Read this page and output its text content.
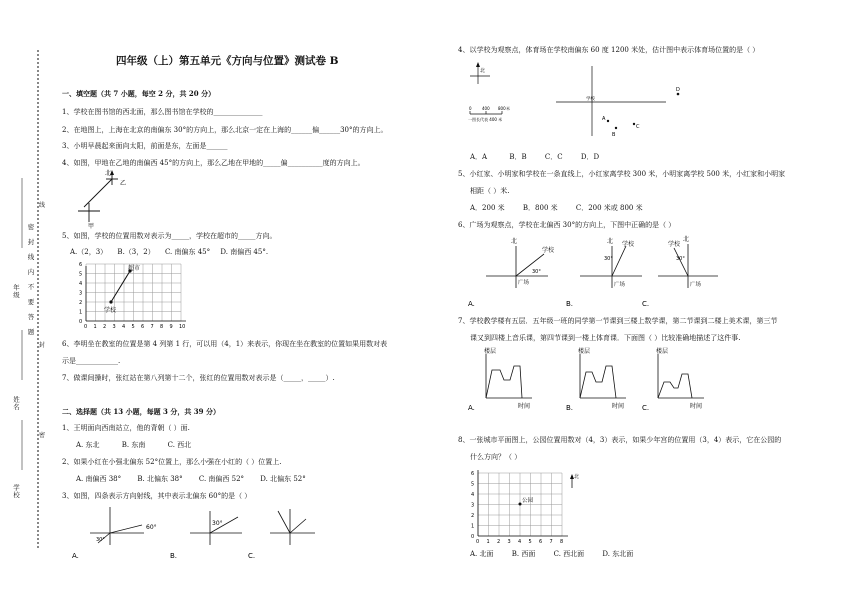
学校
姓名
年级
密
封
线
内
不
要
答
题
线
封
密
四年级（上）第五单元《方向与位置》测试卷 B
一、填空题（共 7 小题，每空 2 分，共 20 分）
1、学校在图书馆的西北面，那么图书馆在学校的______________
2、在地图上，上海在北京的南偏东 30°的方向上，那么北京一定在上海的______偏______30°的方向上。
3、小明早晨起来面向太阳，前面是东，左面是______
4、如图，甲地在乙地的南偏西 45°的方向上，那么乙地在甲地的_____偏__________度的方向上。
北
乙
甲
5、如图，学校的位置用数对表示为_____，学校在超市的_____方向。
A.（2，3） B.（3，2） C. 南偏东 45° D. 南偏西 45°.
0 1 2 3 4 5 6 7 8 9 10
0
1
2
3
4
5
6	超市
学校
6、李明坐在教室的位置是第 4 列第 1 行，可以用（4，1）来表示，你现在坐在教室的位置如果用数对表
示是____________.
7、做课间操时，张红站在第八列第十二个，张红的位置用数对表示是（_____，_____）.
二、选择题（共 13 小题，每题 3 分，共 39 分）
1、王明面向西南站立，他的背朝（ ）面.
A. 东北	B. 东南	C. 西北
2、如果小红在小强北偏东 52°位置上，那么小强在小红的（ ）位置上.
A. 南偏西 38° B. 北偏东 38° C. 南偏西 52° D. 北偏东 52°
3、如图，四条表示方向射线，其中表示北偏东 60°的是（ ）
60°
30°
30°
A.	B.	C.
4、以学校为观察点，体育场在学校南偏东 60 度 1200 米处，估计图中表示体育场位置的是（ ）
北
0	400 800 米
一图长代表 400 米
学校
D
A
B
C
A．A	B．B	C．C	D．D
5、小红家、小明家和学校在一条直线上，小红家离学校 300 米，小明家离学校 500 米，小红家和小明家
相距（ ）米.
A．200 米	B．800 米	C．200 米或 800 米
6、广场为观察点，学校在北偏西 30°的方向上，下图中正确的是（ ）
北
学校
30°
广场
北 学校
30°
广场
北
学校
30°
广场
A.	B.	C.
7、学校教学楼有五层．五年级一班的同学第一节课到三楼上数学课，第二节课到二楼上美术课，第三节
课又到四楼上音乐课，第四节课到一楼上体育课．下面图（ ）比较准确地描述了这件事.
楼层
时间
楼层
时间
楼层
时间
A.	B.	C.
8、一张城市平面图上，公园位置用数对（4，3）表示，如果少年宫的位置用（3，4）表示，它在公园的
什么方向？（ ）
0 1 2 3 4 5 6 7 8
0
1
2
3
4
5
6
公园
北
A. 北面	B. 西面	C. 西北面	D. 东北面
